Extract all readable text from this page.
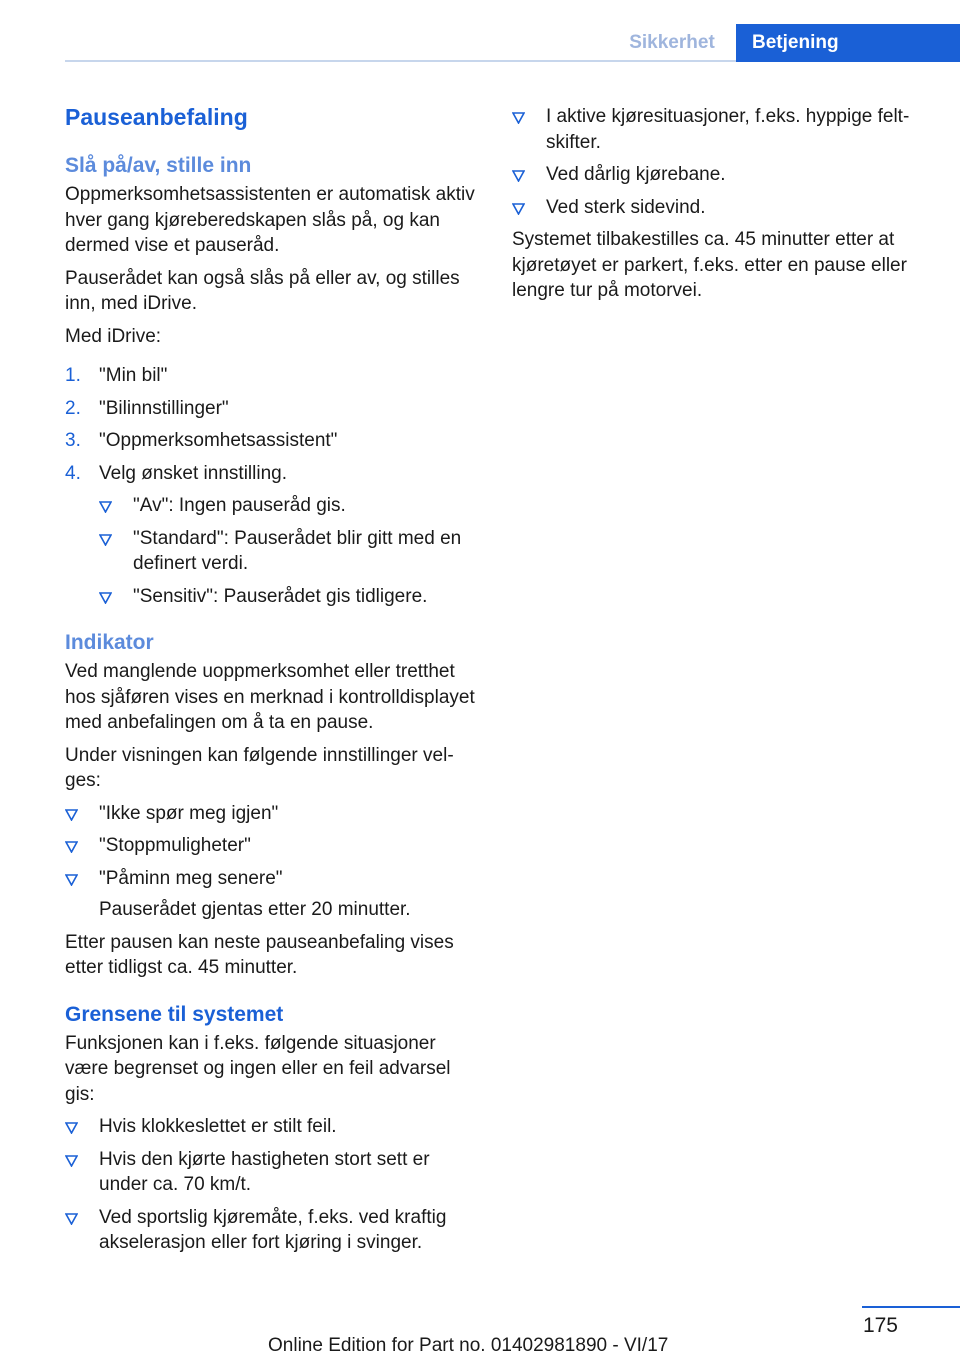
Sikkerhet	Betjening
Pauseanbefaling
Slå på/av, stille inn

Oppmerksomhetsassistenten er automatisk aktiv hver gang kjøreberedskapen slås på, og kan dermed vise et pauseråd.

Pauserådet kan også slås på eller av, og stilles inn, med iDrive.

Med iDrive:

1. "Min bil"
2. "Bilinnstillinger"
3. "Oppmerksomhetsassistent"
4. Velg ønsket innstilling.
"Av": Ingen pauseråd gis.
"Standard": Pauserådet blir gitt med en definert verdi.
"Sensitiv": Pauserådet gis tidligere.
Indikator

Ved manglende uoppmerksomhet eller tretthet hos sjåføren vises en merknad i kontrolldisplayet med anbefalingen om å ta en pause.

Under visningen kan følgende innstillinger velges:

"Ikke spør meg igjen"
"Stoppmuligheter"
"Påminn meg senere"
Pauserådet gjentas etter 20 minutter.

Etter pausen kan neste pauseanbefaling vises etter tidligst ca. 45 minutter.

Grensene til systemet

Funksjonen kan i f.eks. følgende situasjoner være begrenset og ingen eller en feil advarsel gis:

Hvis klokkeslettet er stilt feil.
Hvis den kjørte hastigheten stort sett er under ca. 70 km/t.
Ved sportslig kjøremåte, f.eks. ved kraftig akselerasjon eller fort kjøring i svinger.
I aktive kjøresituasjoner, f.eks. hyppige feltskifter.
Ved dårlig kjørebane.
Ved sterk sidevind.

Systemet tilbakestilles ca. 45 minutter etter at kjøretøyet er parkert, f.eks. etter en pause eller lengre tur på motorvei.

175
Online Edition for Part no. 01402981890 - VI/17
